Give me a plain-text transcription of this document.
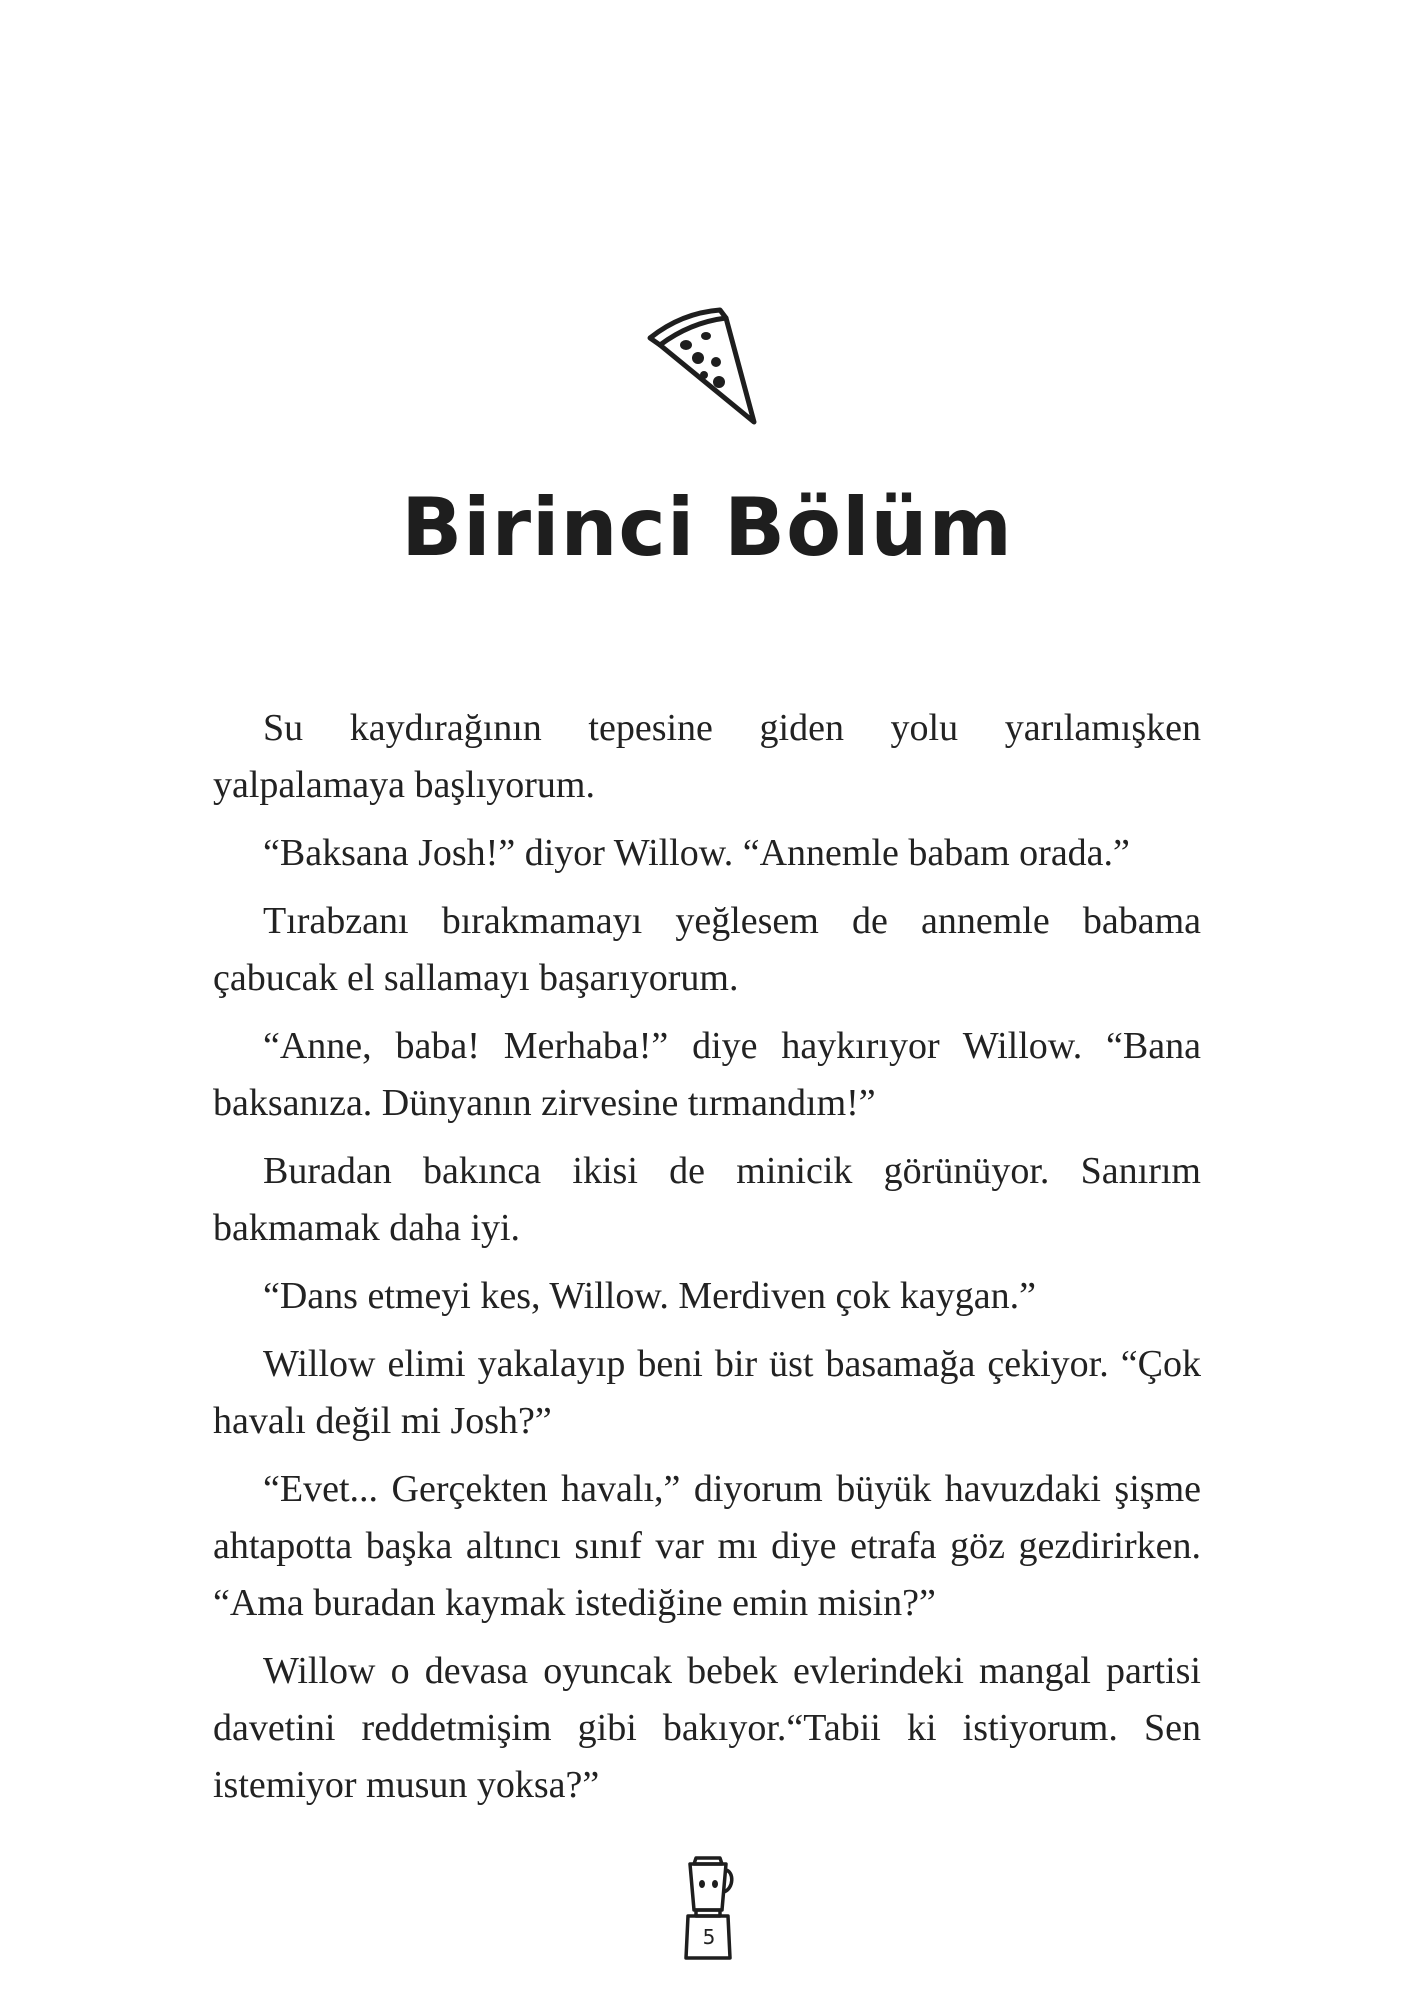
Birinci Bölüm

Su kaydırağının tepesine giden yolu yarılamışken yalpalamaya başlıyorum.

“Baksana Josh!” diyor Willow. “Annemle babam orada.”

Tırabzanı bırakmamayı yeğlesem de annemle babama çabucak el sallamayı başarıyorum.

“Anne, baba! Merhaba!” diye haykırıyor Willow. “Bana baksanıza. Dünyanın zirvesine tırmandım!”

Buradan bakınca ikisi de minicik görünüyor. Sanırım bakmamak daha iyi.

“Dans etmeyi kes, Willow. Merdiven çok kaygan.”

Willow elimi yakalayıp beni bir üst basamağa çekiyor. “Çok havalı değil mi Josh?”

“Evet... Gerçekten havalı,” diyorum büyük havuzdaki şişme ahtapotta başka altıncı sınıf var mı diye etrafa göz gezdirirken. “Ama buradan kaymak istediğine emin misin?”

Willow o devasa oyuncak bebek evlerindeki mangal partisi davetini reddetmişim gibi bakıyor.“Tabii ki istiyorum. Sen istemiyor musun yoksa?”

5
